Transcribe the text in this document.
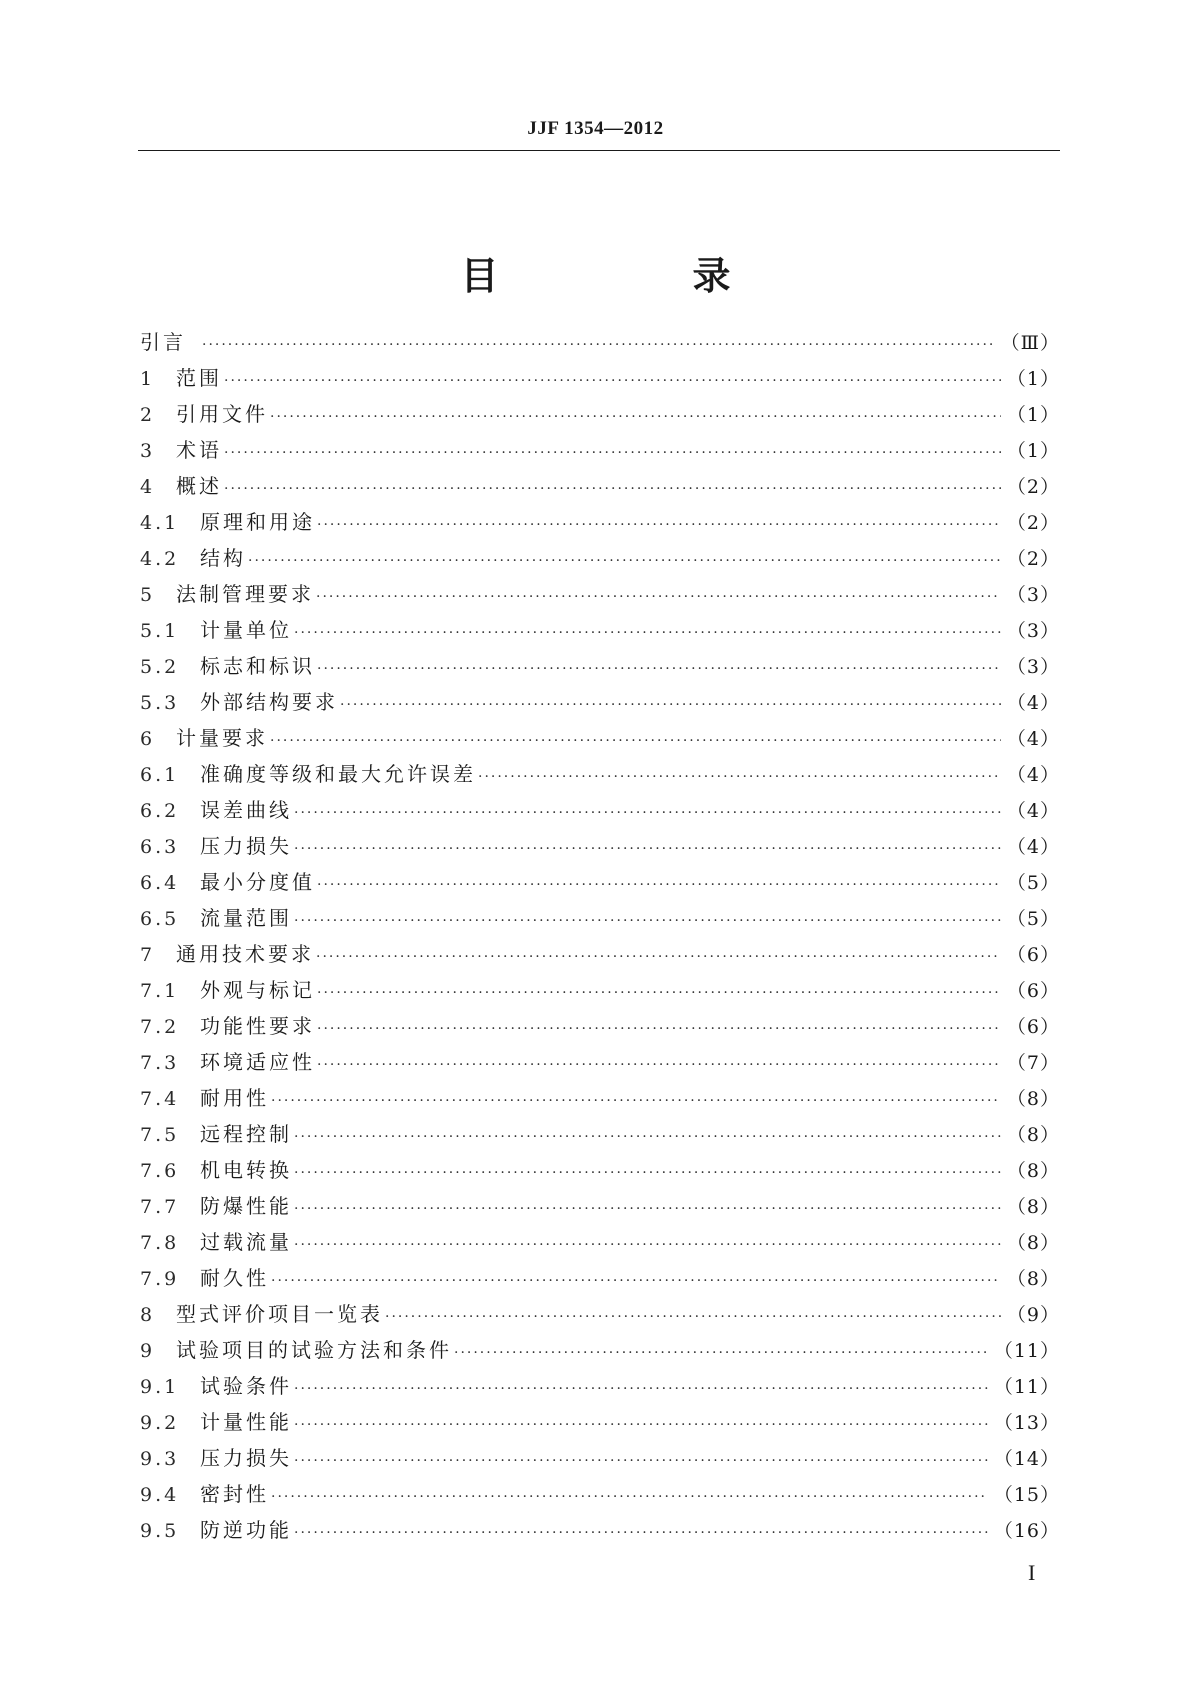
JJF 1354—2012
目　录
引言 ·····	（Ⅲ）
1	范围 ·····	（1）
2	引用文件 ·····	（1）
3	术语 ·····	（1）
4	概述 ·····	（2）
4.1	原理和用途 ·····	（2）
4.2	结构 ·····	（2）
5	法制管理要求 ·····	（3）
5.1	计量单位 ·····	（3）
5.2	标志和标识 ·····	（3）
5.3	外部结构要求 ·····	（4）
6	计量要求 ·····	（4）
6.1	准确度等级和最大允许误差 ·····	（4）
6.2	误差曲线 ·····	（4）
6.3	压力损失 ·····	（4）
6.4	最小分度值 ·····	（5）
6.5	流量范围 ·····	（5）
7	通用技术要求 ·····	（6）
7.1	外观与标记 ·····	（6）
7.2	功能性要求 ·····	（6）
7.3	环境适应性 ·····	（7）
7.4	耐用性 ·····	（8）
7.5	远程控制 ·····	（8）
7.6	机电转换 ·····	（8）
7.7	防爆性能 ·····	（8）
7.8	过载流量 ·····	（8）
7.9	耐久性 ·····	（8）
8	型式评价项目一览表 ·····	（9）
9	试验项目的试验方法和条件 ·····	（11）
9.1	试验条件 ·····	（11）
9.2	计量性能 ·····	（13）
9.3	压力损失 ·····	（14）
9.4	密封性 ·····	（15）
9.5	防逆功能 ·····	（16）
I
